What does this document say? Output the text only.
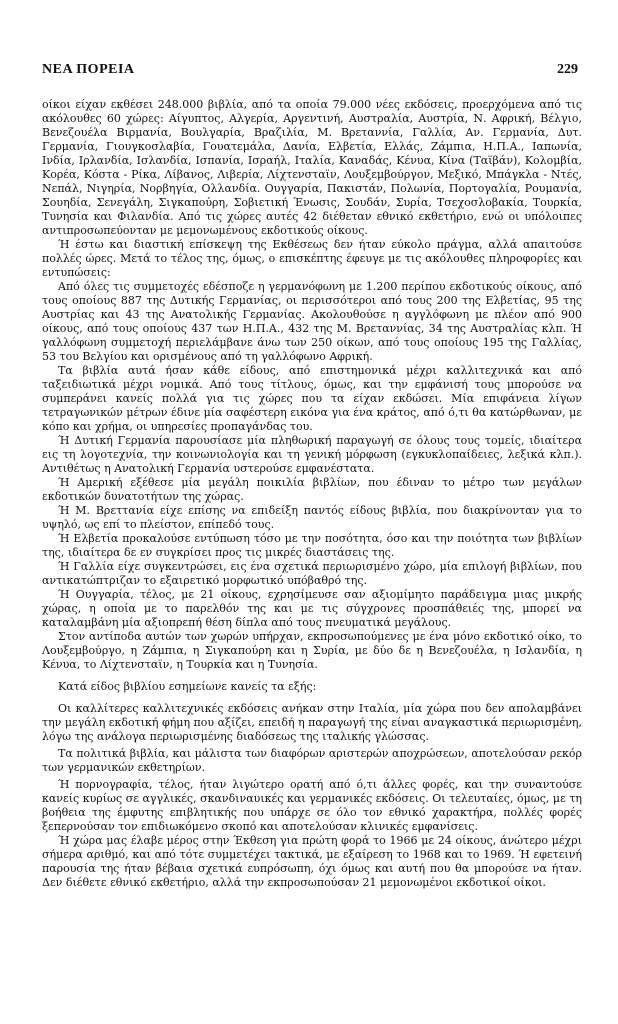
ΝΕΑ ΠΟΡΕΙΑ	229

οίκοι είχαν εκθέσει 248.000 βιβλία, από τα οποία 79.000 νέες εκδόσεις, προερχόμενα από τις ακόλουθες 60 χώρες: Αίγυπτος, Αλγερία, Αργεντινή, Αυστραλία, Αυστρία, Ν. Αφρική, Βέλγιο, Βενεζουέλα Βιρμανία, Βουλγαρία, Βραζιλία, Μ. Βρεταννία, Γαλλία, Αν. Γερμανία, Δυτ. Γερμανία, Γιουγκοσλαβία, Γουατεμάλα, Δανία, Ελβετία, Ελλάς, Ζάμπια, Η.Π.Α., Ιαπωνία, Ινδία, Ιρλανδία, Ισλανδία, Ισπανία, Ισραήλ, Ιταλία, Καναδάς, Κένυα, Κίνα (Ταϊβάν), Κολομβία, Κορέα, Κόστα - Ρίκα, Λίβανος, Λιβερία, Λίχτενσταϊν, Λουξεμβούργον, Μεξικό, Μπάγκλα - Ντές, Νεπάλ, Νιγηρία, Νορβηγία, Ολλανδία. Ουγγαρία, Πακιστάν, Πολωνία, Πορτογαλία, Ρουμανία, Σουηδία, Σενεγάλη, Σιγκαπούρη, Σοβιετική Ένωσις, Σουδάν, Συρία, Τσεχοσλοβακία, Τουρκία, Τυνησία και Φιλανδία. Από τις χώρες αυτές 42 διέθεταν εθνικό εκθετήριο, ενώ οι υπόλοιπες αντιπροσωπεύονταν με μεμονωμένους εκδοτικούς οίκους.

Ή έστω και διαστική επίσκεψη της Εκθέσεως δεν ήταν εύκολο πράγμα, αλλά απαιτούσε πολλές ώρες. Μετά το τέλος της, όμως, ο επισκέπτης έφευγε με τις ακόλουθες πληροφορίες και εντυπώσεις:

Από όλες τις συμμετοχές εδέσποζε η γερμανόφωνη με 1.200 περίπου εκδοτικούς οίκους, από τους οποίους 887 της Δυτικής Γερμανίας, οι περισσότεροι από τους 200 της Ελβετίας, 95 της Αυστρίας και 43 της Ανατολικής Γερμανίας. Ακολουθούσε η αγγλόφωνη με πλέον από 900 οίκους, από τους οποίους 437 των Η.Π.Α., 432 της Μ. Βρεταννίας, 34 της Αυστραλίας κλπ. Ή γαλλόφωνη συμμετοχή περιελάμβανε άνω των 250 οίκων, από τους οποίους 195 της Γαλλίας, 53 του Βελγίου και ορισμένους από τη γαλλόφωνο Αφρική.

Τα βιβλία αυτά ήσαν κάθε είδους, από επιστημονικά μέχρι καλλιτεχνικά και από ταξειδιωτικά μέχρι νομικά. Από τους τίτλους, όμως, και την εμφάνισή τους μπορούσε να συμπεράνει κανείς πολλά για τις χώρες που τα είχαν εκδώσει. Μία επιφάνεια λίγων τετραγωνικών μέτρων έδινε μία σαφέστερη εικόνα για ένα κράτος, από ό,τι θα κατώρθωναν, με κόπο και χρήμα, οι υπηρεσίες προπαγάνδας του.

Ή Δυτική Γερμανία παρουσίασε μία πληθωρική παραγωγή σε όλους τους τομείς, ιδιαίτερα εις τη λογοτεχνία, την κοινωνιολογία και τη γενική μόρφωση (εγκυκλοπαίδειες, λεξικά κλπ.). Αντιθέτως η Ανατολική Γερμανία υστερούσε εμφανέστατα.

Ή Αμερική εξέθεσε μία μεγάλη ποικιλία βιβλίων, που έδιναν το μέτρο των μεγάλων εκδοτικών δυνατοτήτων της χώρας.

Ή Μ. Βρεττανία είχε επίσης να επιδείξη παντός είδους βιβλία, που διακρίνονταν για το υψηλό, ως επί το πλείστον, επίπεδό τους.

Ή Ελβετία προκαλούσε εντύπωση τόσο με την ποσότητα, όσο και την ποιότητα των βιβλίων της, ιδιαίτερα δε εν συγκρίσει προς τις μικρές διαστάσεις της.

Ή Γαλλία είχε συγκεντρώσει, εις ένα σχετικά περιωρισμένο χώρο, μία επιλογή βιβλίων, που αντικατώπτριζαν το εξαιρετικό μορφωτικό υπόβαθρό της.

Ή Ουγγαρία, τέλος, με 21 οίκους, εχρησίμευσε σαν αξιομίμητο παράδειγμα μιας μικρής χώρας, η οποία με το παρελθόν της και με τις σύγχρονες προσπάθειές της, μπορεί να καταλαμβάνη μία αξιοπρεπή θέση δίπλα από τους πνευματικά μεγάλους.

Στον αντίποδα αυτών των χωρών υπήρχαν, εκπροσωπούμενες με ένα μόνο εκδοτικό οίκο, το Λουξεμβούργο, η Ζάμπια, η Σιγκαπούρη και η Συρία, με δύο δε η Βενεζουέλα, η Ισλανδία, η Κένυα, το Λίχτενσταϊν, η Τουρκία και η Τυνησία.

Κατά είδος βιβλίου εσημείωνε κανείς τα εξής:

Οι καλλίτερες καλλιτεχνικές εκδόσεις ανήκαν στην Ιταλία, μία χώρα που δεν απολαμβάνει την μεγάλη εκδοτική φήμη που αξίζει, επειδή η παραγωγή της είναι αναγκαστικά περιωρισμένη, λόγω της ανάλογα περιωρισμένης διαδόσεως της ιταλικής γλώσσας.

Τα πολιτικά βιβλία, και μάλιστα των διαφόρων αριστερών αποχρώσεων, αποτελούσαν ρεκόρ των γερμανικών εκθετηρίων.

Ή πορνογραφία, τέλος, ήταν λιγώτερο ορατή από ό,τι άλλες φορές, και την συναντούσε κανείς κυρίως σε αγγλικές, σκανδιναυικές και γερμανικές εκδόσεις. Οι τελευταίες, όμως, με τη βοήθεια της έμφυτης επιβλητικής που υπάρχε σε όλο τον εθνικό χαρακτήρα, πολλές φορές ξεπερνούσαν τον επιδιωκόμενο σκοπό και αποτελούσαν κλινικές εμφανίσεις.

Ή χώρα μας έλαβε μέρος στην Έκθεση για πρώτη φορά το 1966 με 24 οίκους, άνώτερο μέχρι σήμερα αριθμό, και από τότε συμμετέχει τακτικά, με εξαίρεση το 1968 και το 1969. Ή εφετεινή παρουσία της ήταν βέβαια σχετικά ευπρόσωπη, όχι όμως και αυτή που θα μπορούσε να ήταν. Δεν διέθετε εθνικό εκθετήριο, αλλά την εκπροσωπούσαν 21 μεμονωμένοι εκδοτικοί οίκοι.
